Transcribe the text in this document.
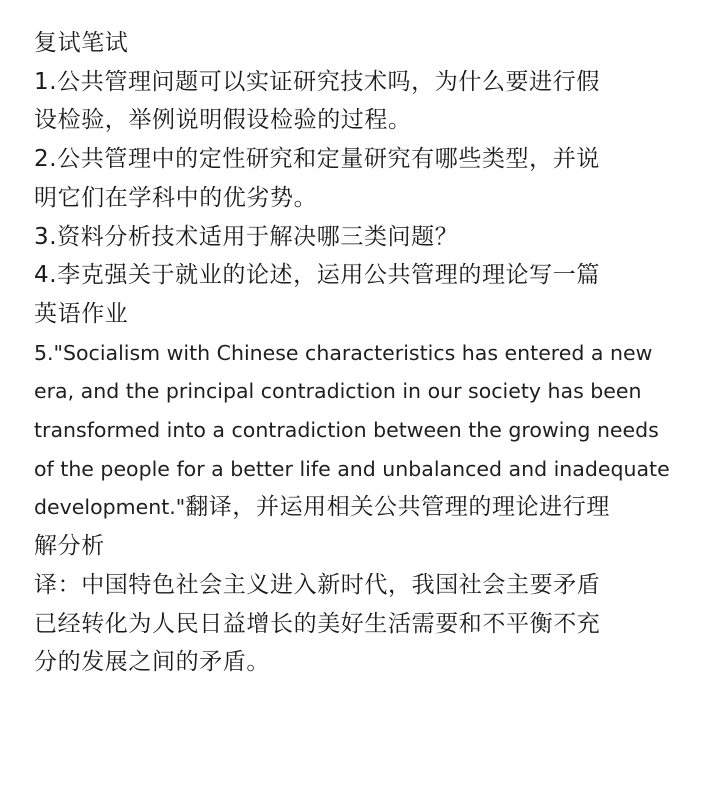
复试笔试
1.公共管理问题可以实证研究技术吗，为什么要进行假
设检验，举例说明假设检验的过程。
2.公共管理中的定性研究和定量研究有哪些类型，并说
明它们在学科中的优劣势。
3.资料分析技术适用于解决哪三类问题？
4.李克强关于就业的论述，运用公共管理的理论写一篇
英语作业
5."Socialism with Chinese characteristics has entered a new
era, and the principal contradiction in our society has been
transformed into a contradiction between the growing needs
of the people for a better life and unbalanced and inadequate
development."翻译，并运用相关公共管理的理论进行理
解分析
译：中国特色社会主义进入新时代，我国社会主要矛盾
已经转化为人民日益增长的美好生活需要和不平衡不充
分的发展之间的矛盾。
